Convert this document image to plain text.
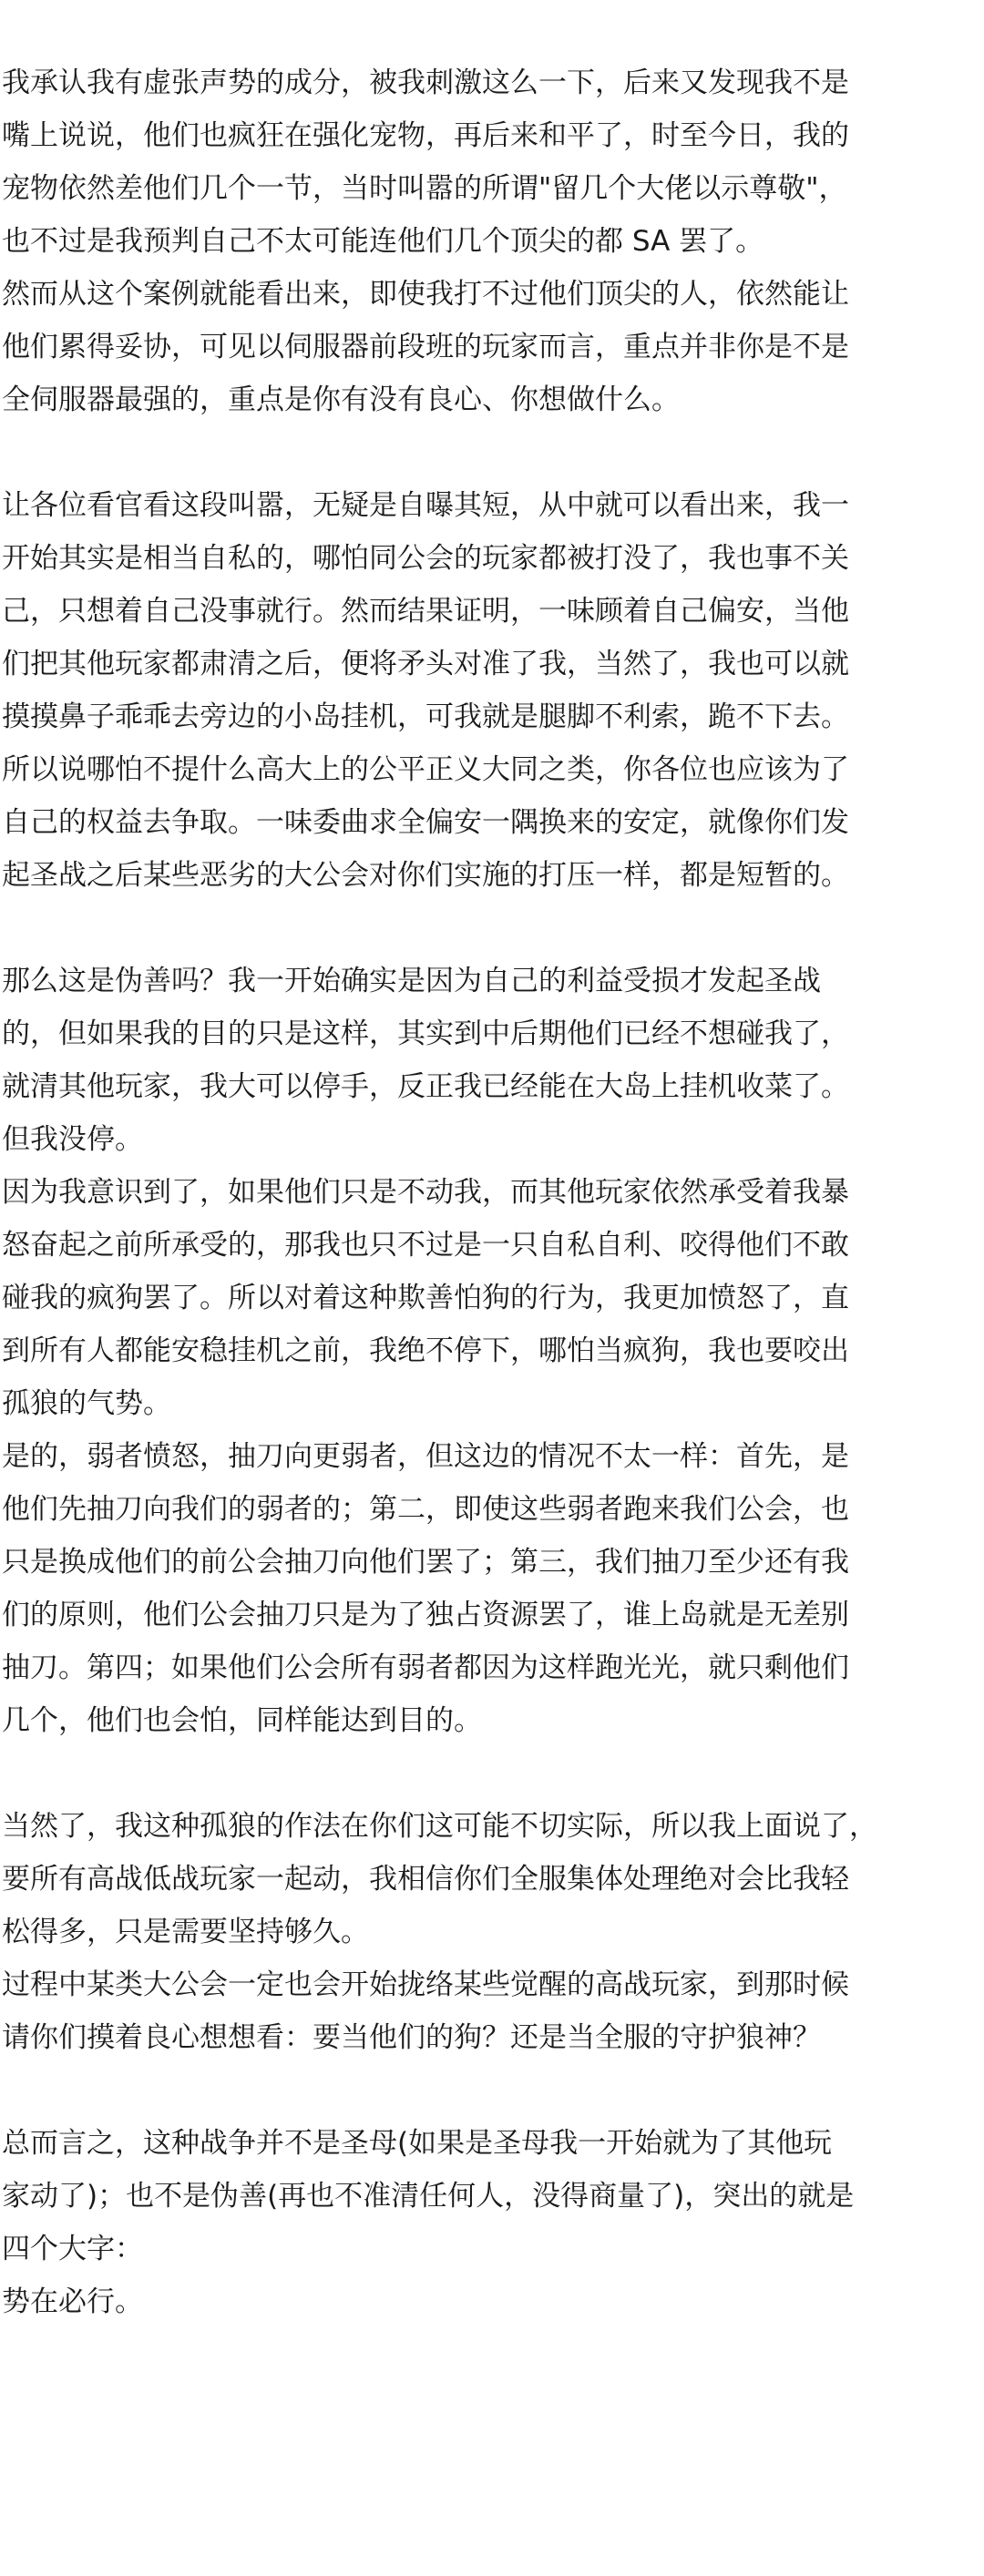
我承认我有虚张声势的成分，被我刺激这么一下，后来又发现我不是
嘴上说说，他们也疯狂在强化宠物，再后来和平了，时至今日，我的
宠物依然差他们几个一节，当时叫嚣的所谓"留几个大佬以示尊敬"，
也不过是我预判自己不太可能连他们几个顶尖的都 SA 罢了。
然而从这个案例就能看出来，即使我打不过他们顶尖的人，依然能让
他们累得妥协，可见以伺服器前段班的玩家而言，重点并非你是不是
全伺服器最强的，重点是你有没有良心、你想做什么。
让各位看官看这段叫嚣，无疑是自曝其短，从中就可以看出来，我一
开始其实是相当自私的，哪怕同公会的玩家都被打没了，我也事不关
己，只想着自己没事就行。然而结果证明，一味顾着自己偏安，当他
们把其他玩家都肃清之后，便将矛头对准了我，当然了，我也可以就
摸摸鼻子乖乖去旁边的小岛挂机，可我就是腿脚不利索，跪不下去。
所以说哪怕不提什么高大上的公平正义大同之类，你各位也应该为了
自己的权益去争取。一味委曲求全偏安一隅换来的安定，就像你们发
起圣战之后某些恶劣的大公会对你们实施的打压一样，都是短暂的。
那么这是伪善吗？我一开始确实是因为自己的利益受损才发起圣战
的，但如果我的目的只是这样，其实到中后期他们已经不想碰我了，
就清其他玩家，我大可以停手，反正我已经能在大岛上挂机收菜了。
但我没停。
因为我意识到了，如果他们只是不动我，而其他玩家依然承受着我暴
怒奋起之前所承受的，那我也只不过是一只自私自利、咬得他们不敢
碰我的疯狗罢了。所以对着这种欺善怕狗的行为，我更加愤怒了，直
到所有人都能安稳挂机之前，我绝不停下，哪怕当疯狗，我也要咬出
孤狼的气势。
是的，弱者愤怒，抽刀向更弱者，但这边的情况不太一样：首先，是
他们先抽刀向我们的弱者的；第二，即使这些弱者跑来我们公会，也
只是换成他们的前公会抽刀向他们罢了；第三，我们抽刀至少还有我
们的原则，他们公会抽刀只是为了独占资源罢了，谁上岛就是无差别
抽刀。第四；如果他们公会所有弱者都因为这样跑光光，就只剩他们
几个，他们也会怕，同样能达到目的。
当然了，我这种孤狼的作法在你们这可能不切实际，所以我上面说了，
要所有高战低战玩家一起动，我相信你们全服集体处理绝对会比我轻
松得多，只是需要坚持够久。
过程中某类大公会一定也会开始拢络某些觉醒的高战玩家，到那时候
请你们摸着良心想想看：要当他们的狗？还是当全服的守护狼神？
总而言之，这种战争并不是圣母(如果是圣母我一开始就为了其他玩
家动了)；也不是伪善(再也不准清任何人，没得商量了)，突出的就是
四个大字：
势在必行。
